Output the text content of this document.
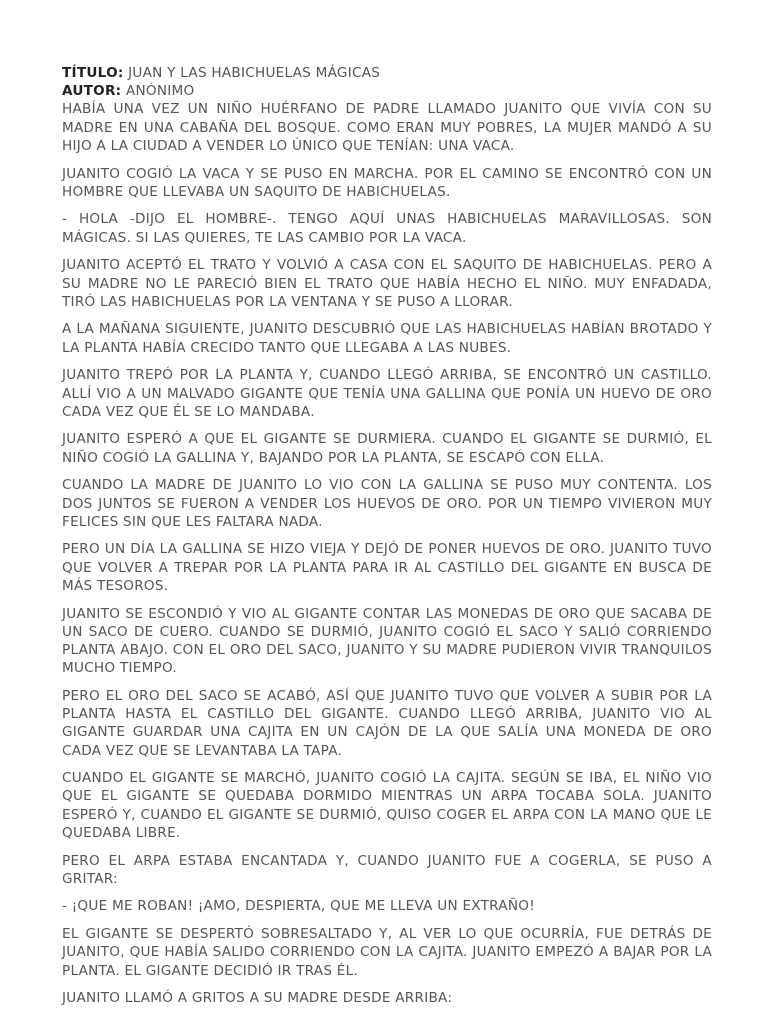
TÍTULO: JUAN Y LAS HABICHUELAS MÁGICAS

AUTOR: ANÓNIMO

HABÍA UNA VEZ UN NIÑO HUÉRFANO DE PADRE LLAMADO JUANITO QUE VIVÍA CON SU MADRE EN UNA CABAÑA DEL BOSQUE. COMO ERAN MUY POBRES, LA MUJER MANDÓ A SU HIJO A LA CIUDAD A VENDER LO ÚNICO QUE TENÍAN: UNA VACA.

JUANITO COGIÓ LA VACA Y SE PUSO EN MARCHA. POR EL CAMINO SE ENCONTRÓ CON UN HOMBRE QUE LLEVABA UN SAQUITO DE HABICHUELAS.

- HOLA -DIJO EL HOMBRE-. TENGO AQUÍ UNAS HABICHUELAS MARAVILLOSAS. SON MÁGICAS. SI LAS QUIERES, TE LAS CAMBIO POR LA VACA.

JUANITO ACEPTÓ EL TRATO Y VOLVIÓ A CASA CON EL SAQUITO DE HABICHUELAS. PERO A SU MADRE NO LE PARECIÓ BIEN EL TRATO QUE HABÍA HECHO EL NIÑO. MUY ENFADADA, TIRÓ LAS HABICHUELAS POR LA VENTANA Y SE PUSO A LLORAR.

A LA MAÑANA SIGUIENTE, JUANITO DESCUBRIÓ QUE LAS HABICHUELAS HABÍAN BROTADO Y LA PLANTA HABÍA CRECIDO TANTO QUE LLEGABA A LAS NUBES.

JUANITO TREPÓ POR LA PLANTA Y, CUANDO LLEGÓ ARRIBA, SE ENCONTRÓ UN CASTILLO. ALLÍ VIO A UN MALVADO GIGANTE QUE TENÍA UNA GALLINA QUE PONÍA UN HUEVO DE ORO CADA VEZ QUE ÉL SE LO MANDABA.

JUANITO ESPERÓ A QUE EL GIGANTE SE DURMIERA. CUANDO EL GIGANTE SE DURMIÓ, EL NIÑO COGIÓ LA GALLINA Y, BAJANDO POR LA PLANTA, SE ESCAPÓ CON ELLA.

CUANDO LA MADRE DE JUANITO LO VIO CON LA GALLINA SE PUSO MUY CONTENTA. LOS DOS JUNTOS SE FUERON A VENDER LOS HUEVOS DE ORO. POR UN TIEMPO VIVIERON MUY FELICES SIN QUE LES FALTARA NADA.

PERO UN DÍA LA GALLINA SE HIZO VIEJA Y DEJÓ DE PONER HUEVOS DE ORO. JUANITO TUVO QUE VOLVER A TREPAR POR LA PLANTA PARA IR AL CASTILLO DEL GIGANTE EN BUSCA DE MÁS TESOROS.

JUANITO SE ESCONDIÓ Y VIO AL GIGANTE CONTAR LAS MONEDAS DE ORO QUE SACABA DE UN SACO DE CUERO. CUANDO SE DURMIÓ, JUANITO COGIÓ EL SACO Y SALIÓ CORRIENDO PLANTA ABAJO. CON EL ORO DEL SACO, JUANITO Y SU MADRE PUDIERON VIVIR TRANQUILOS MUCHO TIEMPO.

PERO EL ORO DEL SACO SE ACABÓ, ASÍ QUE JUANITO TUVO QUE VOLVER A SUBIR POR LA PLANTA HASTA EL CASTILLO DEL GIGANTE. CUANDO LLEGÓ ARRIBA, JUANITO VIO AL GIGANTE GUARDAR UNA CAJITA EN UN CAJÓN DE LA QUE SALÍA UNA MONEDA DE ORO CADA VEZ QUE SE LEVANTABA LA TAPA.

CUANDO EL GIGANTE SE MARCHÓ, JUANITO COGIÓ LA CAJITA. SEGÚN SE IBA, EL NIÑO VIO QUE EL GIGANTE SE QUEDABA DORMIDO MIENTRAS UN ARPA TOCABA SOLA. JUANITO ESPERÓ Y, CUANDO EL GIGANTE SE DURMIÓ, QUISO COGER EL ARPA CON LA MANO QUE LE QUEDABA LIBRE.

PERO EL ARPA ESTABA ENCANTADA Y, CUANDO JUANITO FUE A COGERLA, SE PUSO A GRITAR:

- ¡QUE ME ROBAN! ¡AMO, DESPIERTA, QUE ME LLEVA UN EXTRAÑO!

EL GIGANTE SE DESPERTÓ SOBRESALTADO Y, AL VER LO QUE OCURRÍA, FUE DETRÁS DE JUANITO, QUE HABÍA SALIDO CORRIENDO CON LA CAJITA. JUANITO EMPEZÓ A BAJAR POR LA PLANTA. EL GIGANTE DECIDIÓ IR TRAS ÉL.

JUANITO LLAMÓ A GRITOS A SU MADRE DESDE ARRIBA:
